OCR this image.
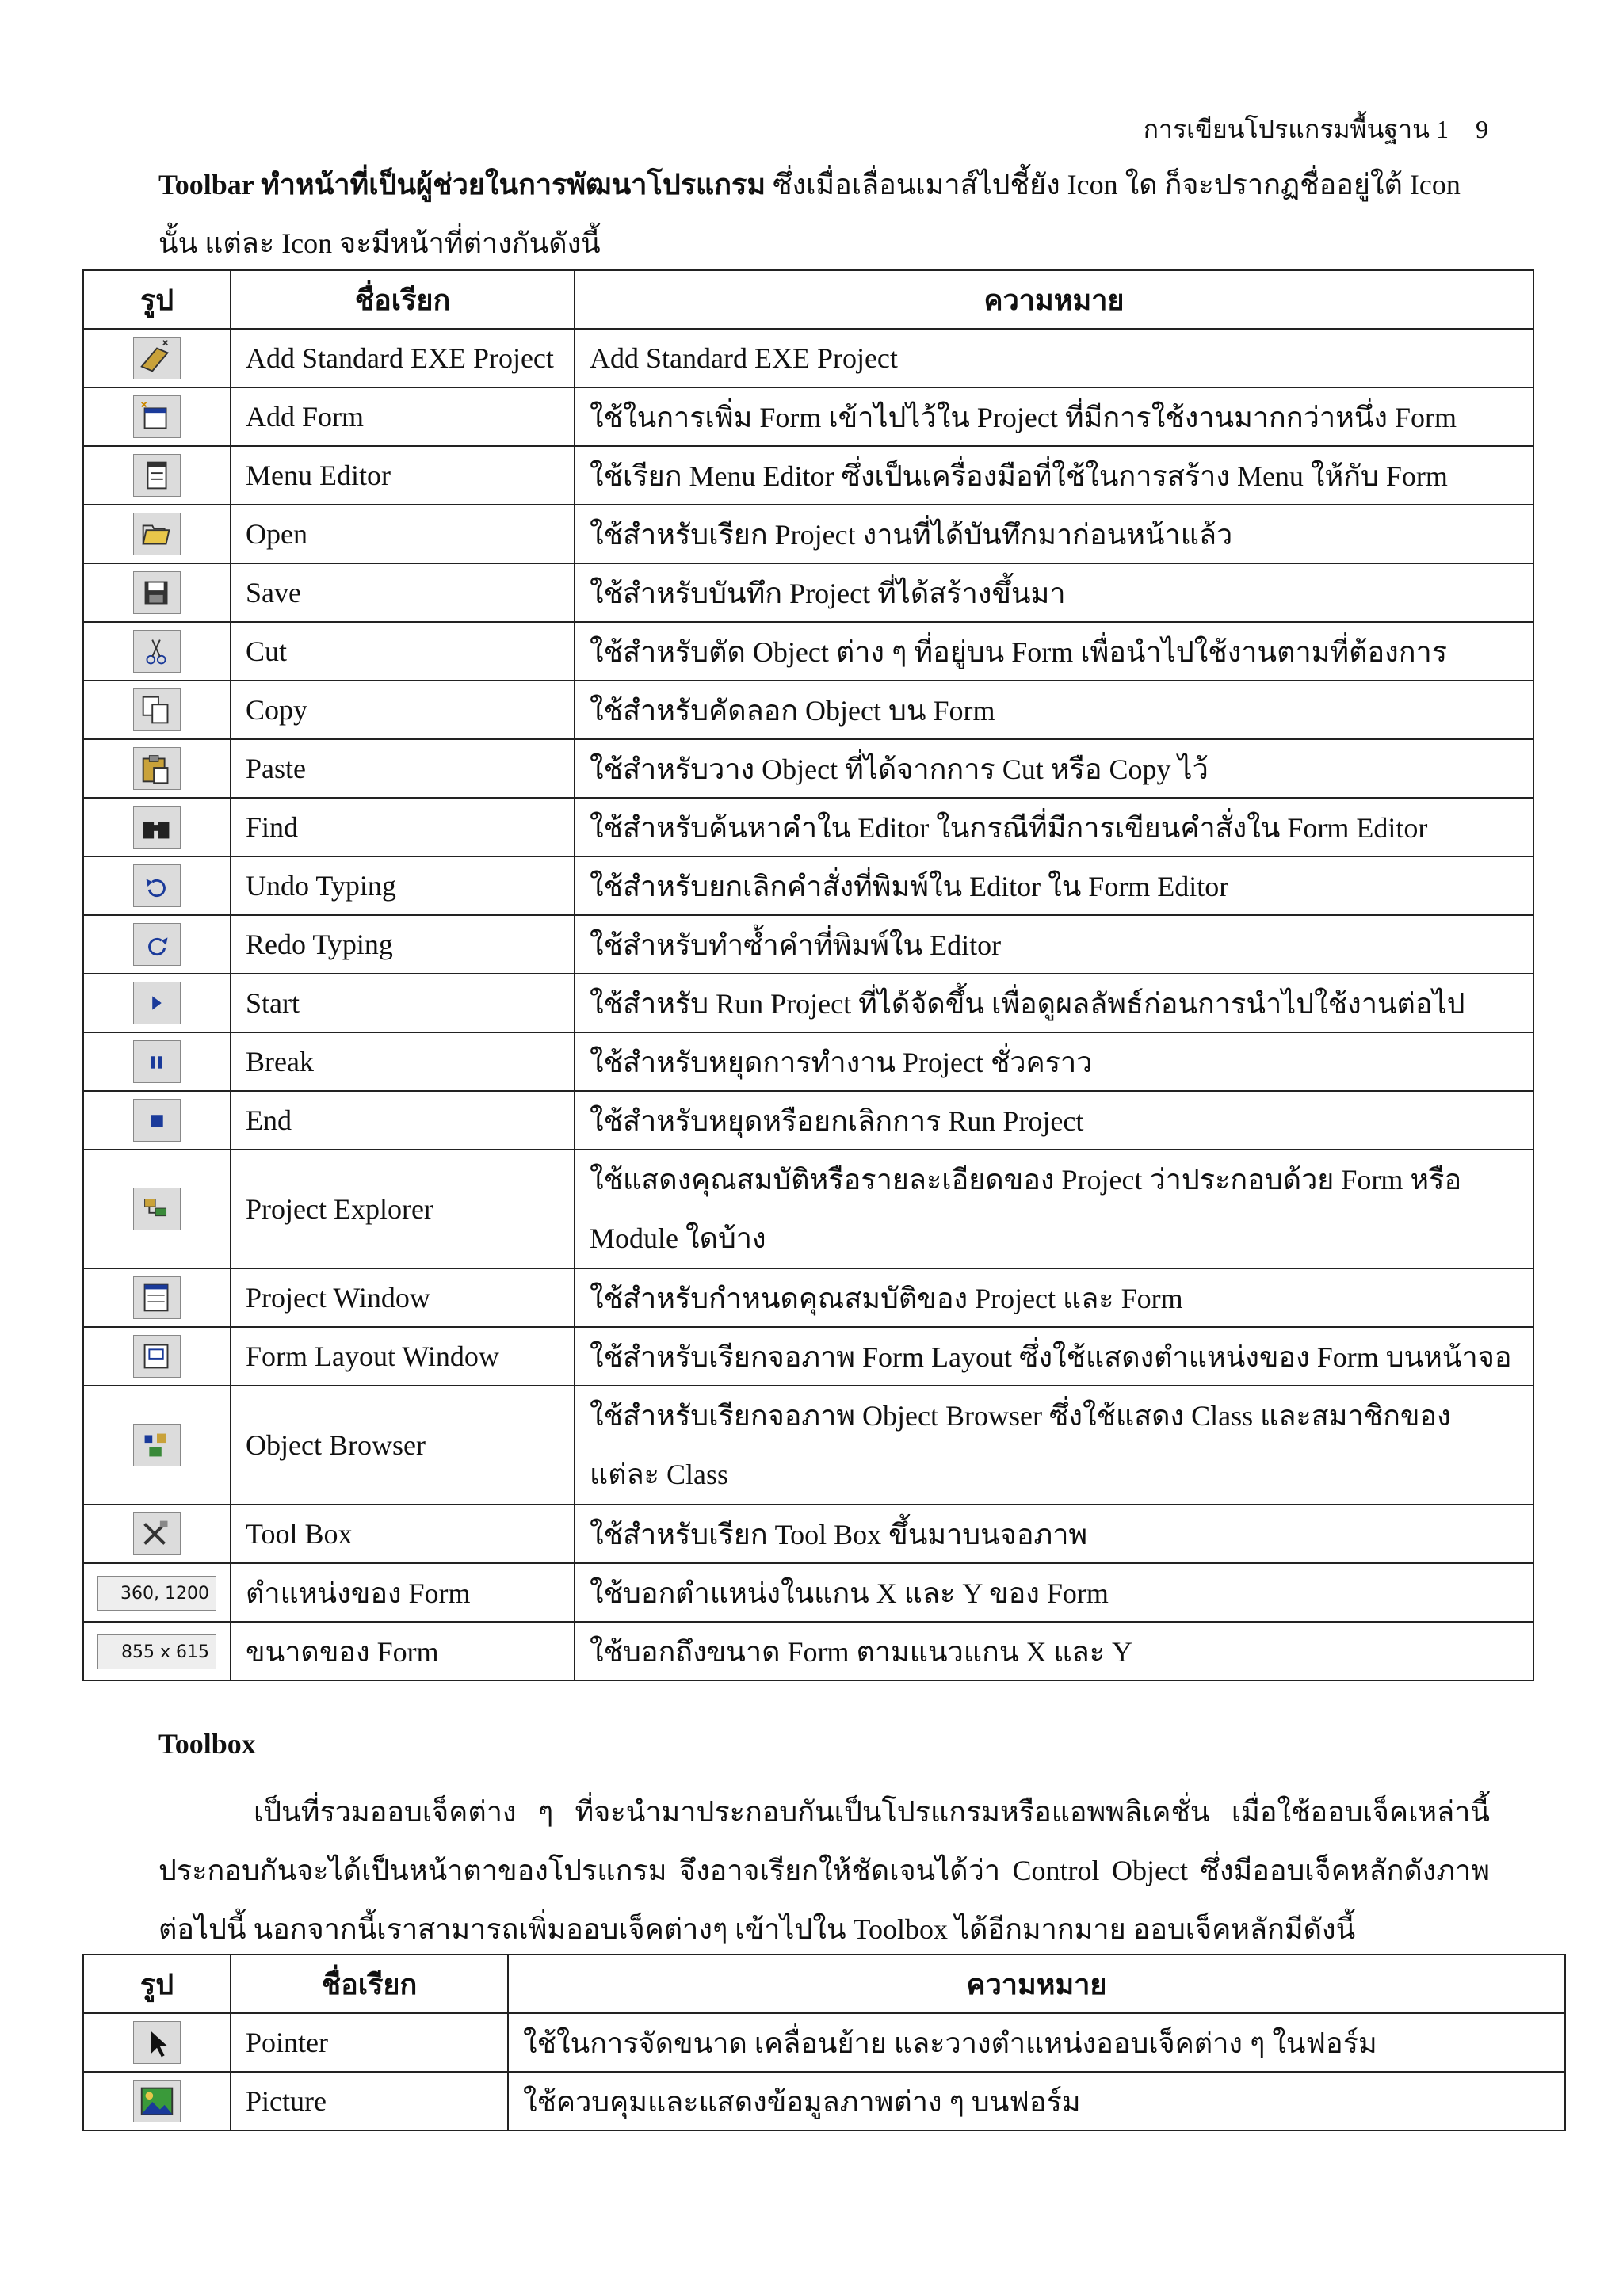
การเขียนโปรแกรมพื้นฐาน 1 9
Toolbar ทำหน้าที่เป็นผู้ช่วยในการพัฒนาโปรแกรม ซึ่งเมื่อเลื่อนเมาส์ไปชี้ยัง Icon ใด ก็จะปรากฏชื่ออยู่ใต้ Icon นั้น แต่ละ Icon จะมีหน้าที่ต่างกันดังนี้
รูป	ชื่อเรียก	ความหมาย

	Add Standard EXE Project	Add Standard EXE Project

	Add Form	ใช้ในการเพิ่ม Form เข้าไปไว้ใน Project ที่มีการใช้งานมากกว่าหนึ่ง Form

	Menu Editor	ใช้เรียก Menu Editor ซึ่งเป็นเครื่องมือที่ใช้ในการสร้าง Menu ให้กับ Form

	Open	ใช้สำหรับเรียก Project งานที่ได้บันทึกมาก่อนหน้าแล้ว

	Save	ใช้สำหรับบันทึก Project ที่ได้สร้างขึ้นมา

	Cut	ใช้สำหรับตัด Object ต่าง ๆ ที่อยู่บน Form เพื่อนำไปใช้งานตามที่ต้องการ

	Copy	ใช้สำหรับคัดลอก Object บน Form

	Paste	ใช้สำหรับวาง Object ที่ได้จากการ Cut หรือ Copy ไว้

	Find	ใช้สำหรับค้นหาคำใน Editor ในกรณีที่มีการเขียนคำสั่งใน Form Editor

	Undo Typing	ใช้สำหรับยกเลิกคำสั่งที่พิมพ์ใน Editor ใน Form Editor

	Redo Typing	ใช้สำหรับทำซ้ำคำที่พิมพ์ใน Editor

	Start	ใช้สำหรับ Run Project ที่ได้จัดขึ้น เพื่อดูผลลัพธ์ก่อนการนำไปใช้งานต่อไป

	Break	ใช้สำหรับหยุดการทำงาน Project ชั่วคราว

	End	ใช้สำหรับหยุดหรือยกเลิกการ Run Project

	Project Explorer	ใช้แสดงคุณสมบัติหรือรายละเอียดของ Project ว่าประกอบด้วย Form หรือ Module ใดบ้าง

	Project Window	ใช้สำหรับกำหนดคุณสมบัติของ Project และ Form

	Form Layout Window	ใช้สำหรับเรียกจอภาพ Form Layout ซึ่งใช้แสดงตำแหน่งของ Form บนหน้าจอ

	Object Browser	ใช้สำหรับเรียกจอภาพ Object Browser ซึ่งใช้แสดง Class และสมาชิกของแต่ละ Class

	Tool Box	ใช้สำหรับเรียก Tool Box ขึ้นมาบนจอภาพ
360, 1200	ตำแหน่งของ Form	ใช้บอกตำแหน่งในแกน X และ Y ของ Form
855 x 615	ขนาดของ Form	ใช้บอกถึงขนาด Form ตามแนวแกน X และ Y
Toolbox
เป็นที่รวมออบเจ็คต่าง ๆ ที่จะนำมาประกอบกันเป็นโปรแกรมหรือแอพพลิเคชั่น เมื่อใช้ออบเจ็คเหล่านี้ประกอบกันจะได้เป็นหน้าตาของโปรแกรม จึงอาจเรียกให้ชัดเจนได้ว่า Control Object ซึ่งมีออบเจ็คหลักดังภาพต่อไปนี้ นอกจากนี้เราสามารถเพิ่มออบเจ็คต่างๆ เข้าไปใน Toolbox ได้อีกมากมาย ออบเจ็คหลักมีดังนี้
รูป	ชื่อเรียก	ความหมาย

	Pointer	ใช้ในการจัดขนาด เคลื่อนย้าย และวางตำแหน่งออบเจ็คต่าง ๆ ในฟอร์ม

	Picture	ใช้ควบคุมและแสดงข้อมูลภาพต่าง ๆ บนฟอร์ม
